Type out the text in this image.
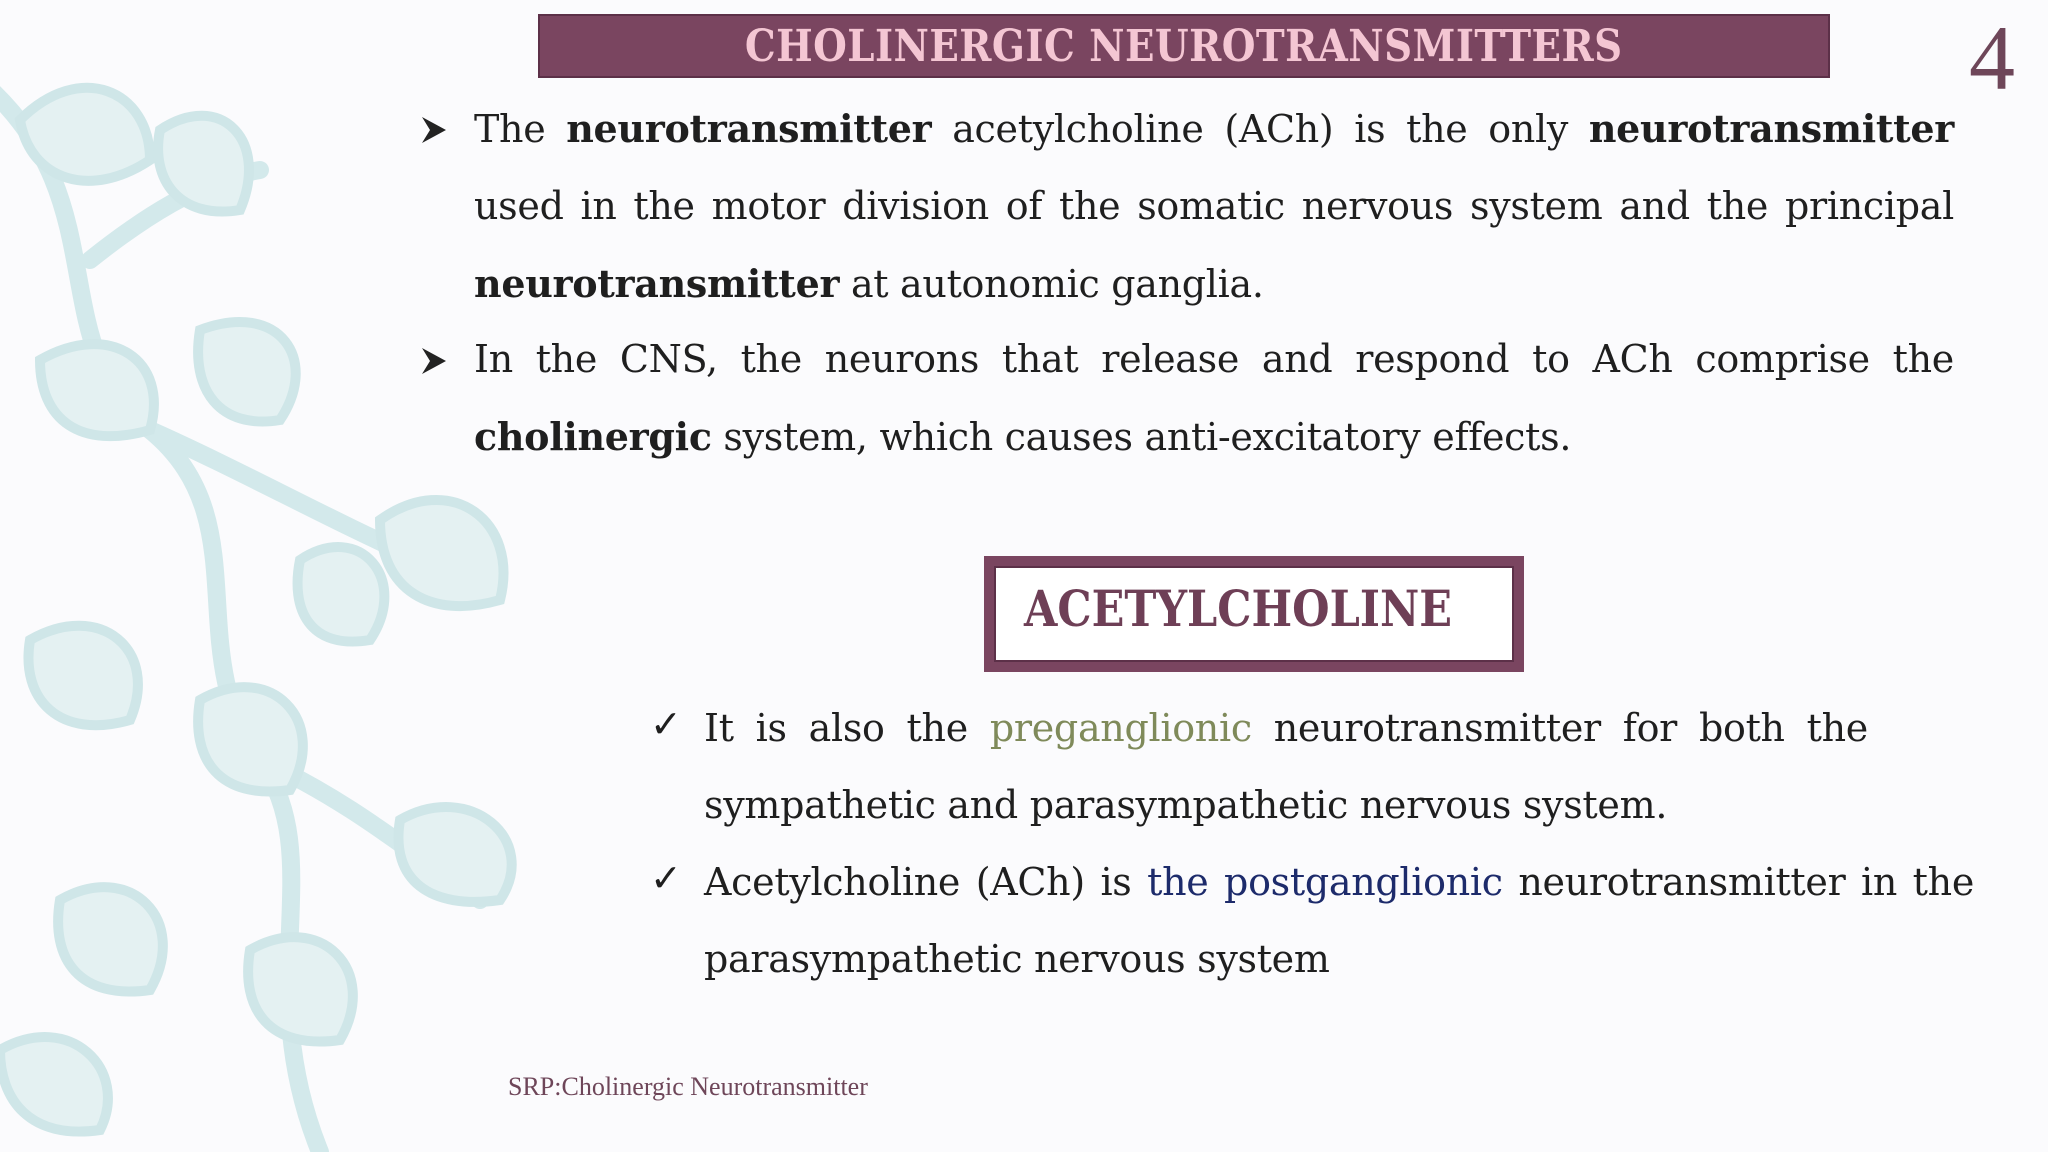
CHOLINERGIC NEUROTRANSMITTERS	4
The neurotransmitter acetylcholine (ACh) is the only neurotransmitter used in the motor division of the somatic nervous system and the principal neurotransmitter at autonomic ganglia.
In the CNS, the neurons that release and respond to ACh comprise the cholinergic system, which causes anti-excitatory effects.
ACETYLCHOLINE
✓ It is also the preganglionic neurotransmitter for both the sympathetic and parasympathetic nervous system.
✓ Acetylcholine (ACh) is the postganglionic neurotransmitter in the parasympathetic nervous system
SRP:Cholinergic Neurotransmitter
